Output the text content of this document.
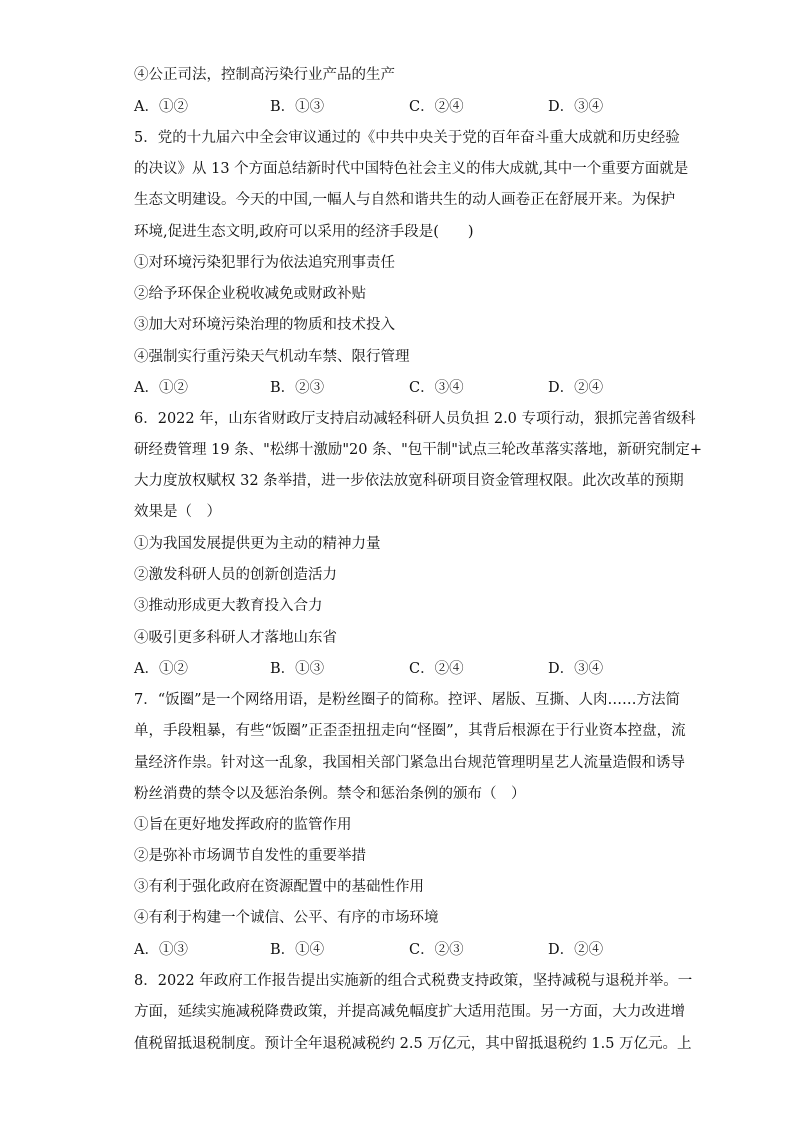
④公正司法，控制高污染行业产品的生产
A．①②	B．①③	C．②④	D．③④
5．党的十九届六中全会审议通过的《中共中央关于党的百年奋斗重大成就和历史经验
的决议》从 13 个方面总结新时代中国特色社会主义的伟大成就,其中一个重要方面就是
生态文明建设。今天的中国,一幅人与自然和谐共生的动人画卷正在舒展开来。为保护
环境,促进生态文明,政府可以采用的经济手段是(　　)
①对环境污染犯罪行为依法追究刑事责任
②给予环保企业税收减免或财政补贴
③加大对环境污染治理的物质和技术投入
④强制实行重污染天气机动车禁、限行管理
A．①②	B．②③	C．③④	D．②④
6．2022 年，山东省财政厅支持启动减轻科研人员负担 2.0 专项行动，狠抓完善省级科
研经费管理 19 条、"松绑十激励"20 条、"包干制"试点三轮改革落实落地，新研究制定+
大力度放权赋权 32 条举措，进一步依法放宽科研项目资金管理权限。此次改革的预期
效果是（　）
①为我国发展提供更为主动的精神力量
②激发科研人员的创新创造活力
③推动形成更大教育投入合力
④吸引更多科研人才落地山东省
A．①②	B．①③	C．②④	D．③④
7．“饭圈”是一个网络用语，是粉丝圈子的简称。控评、屠版、互撕、人肉……方法简
单，手段粗暴，有些“饭圈”正歪歪扭扭走向“怪圈”，其背后根源在于行业资本控盘，流
量经济作祟。针对这一乱象，我国相关部门紧急出台规范管理明星艺人流量造假和诱导
粉丝消费的禁令以及惩治条例。禁令和惩治条例的颁布（　）
①旨在更好地发挥政府的监管作用
②是弥补市场调节自发性的重要举措
③有利于强化政府在资源配置中的基础性作用
④有利于构建一个诚信、公平、有序的市场环境
A．①③	B．①④	C．②③	D．②④
8．2022 年政府工作报告提出实施新的组合式税费支持政策，坚持减税与退税并举。一
方面，延续实施减税降费政策，并提高减免幅度扩大适用范围。另一方面，大力改进增
值税留抵退税制度。预计全年退税减税约 2.5 万亿元，其中留抵退税约 1.5 万亿元。上
